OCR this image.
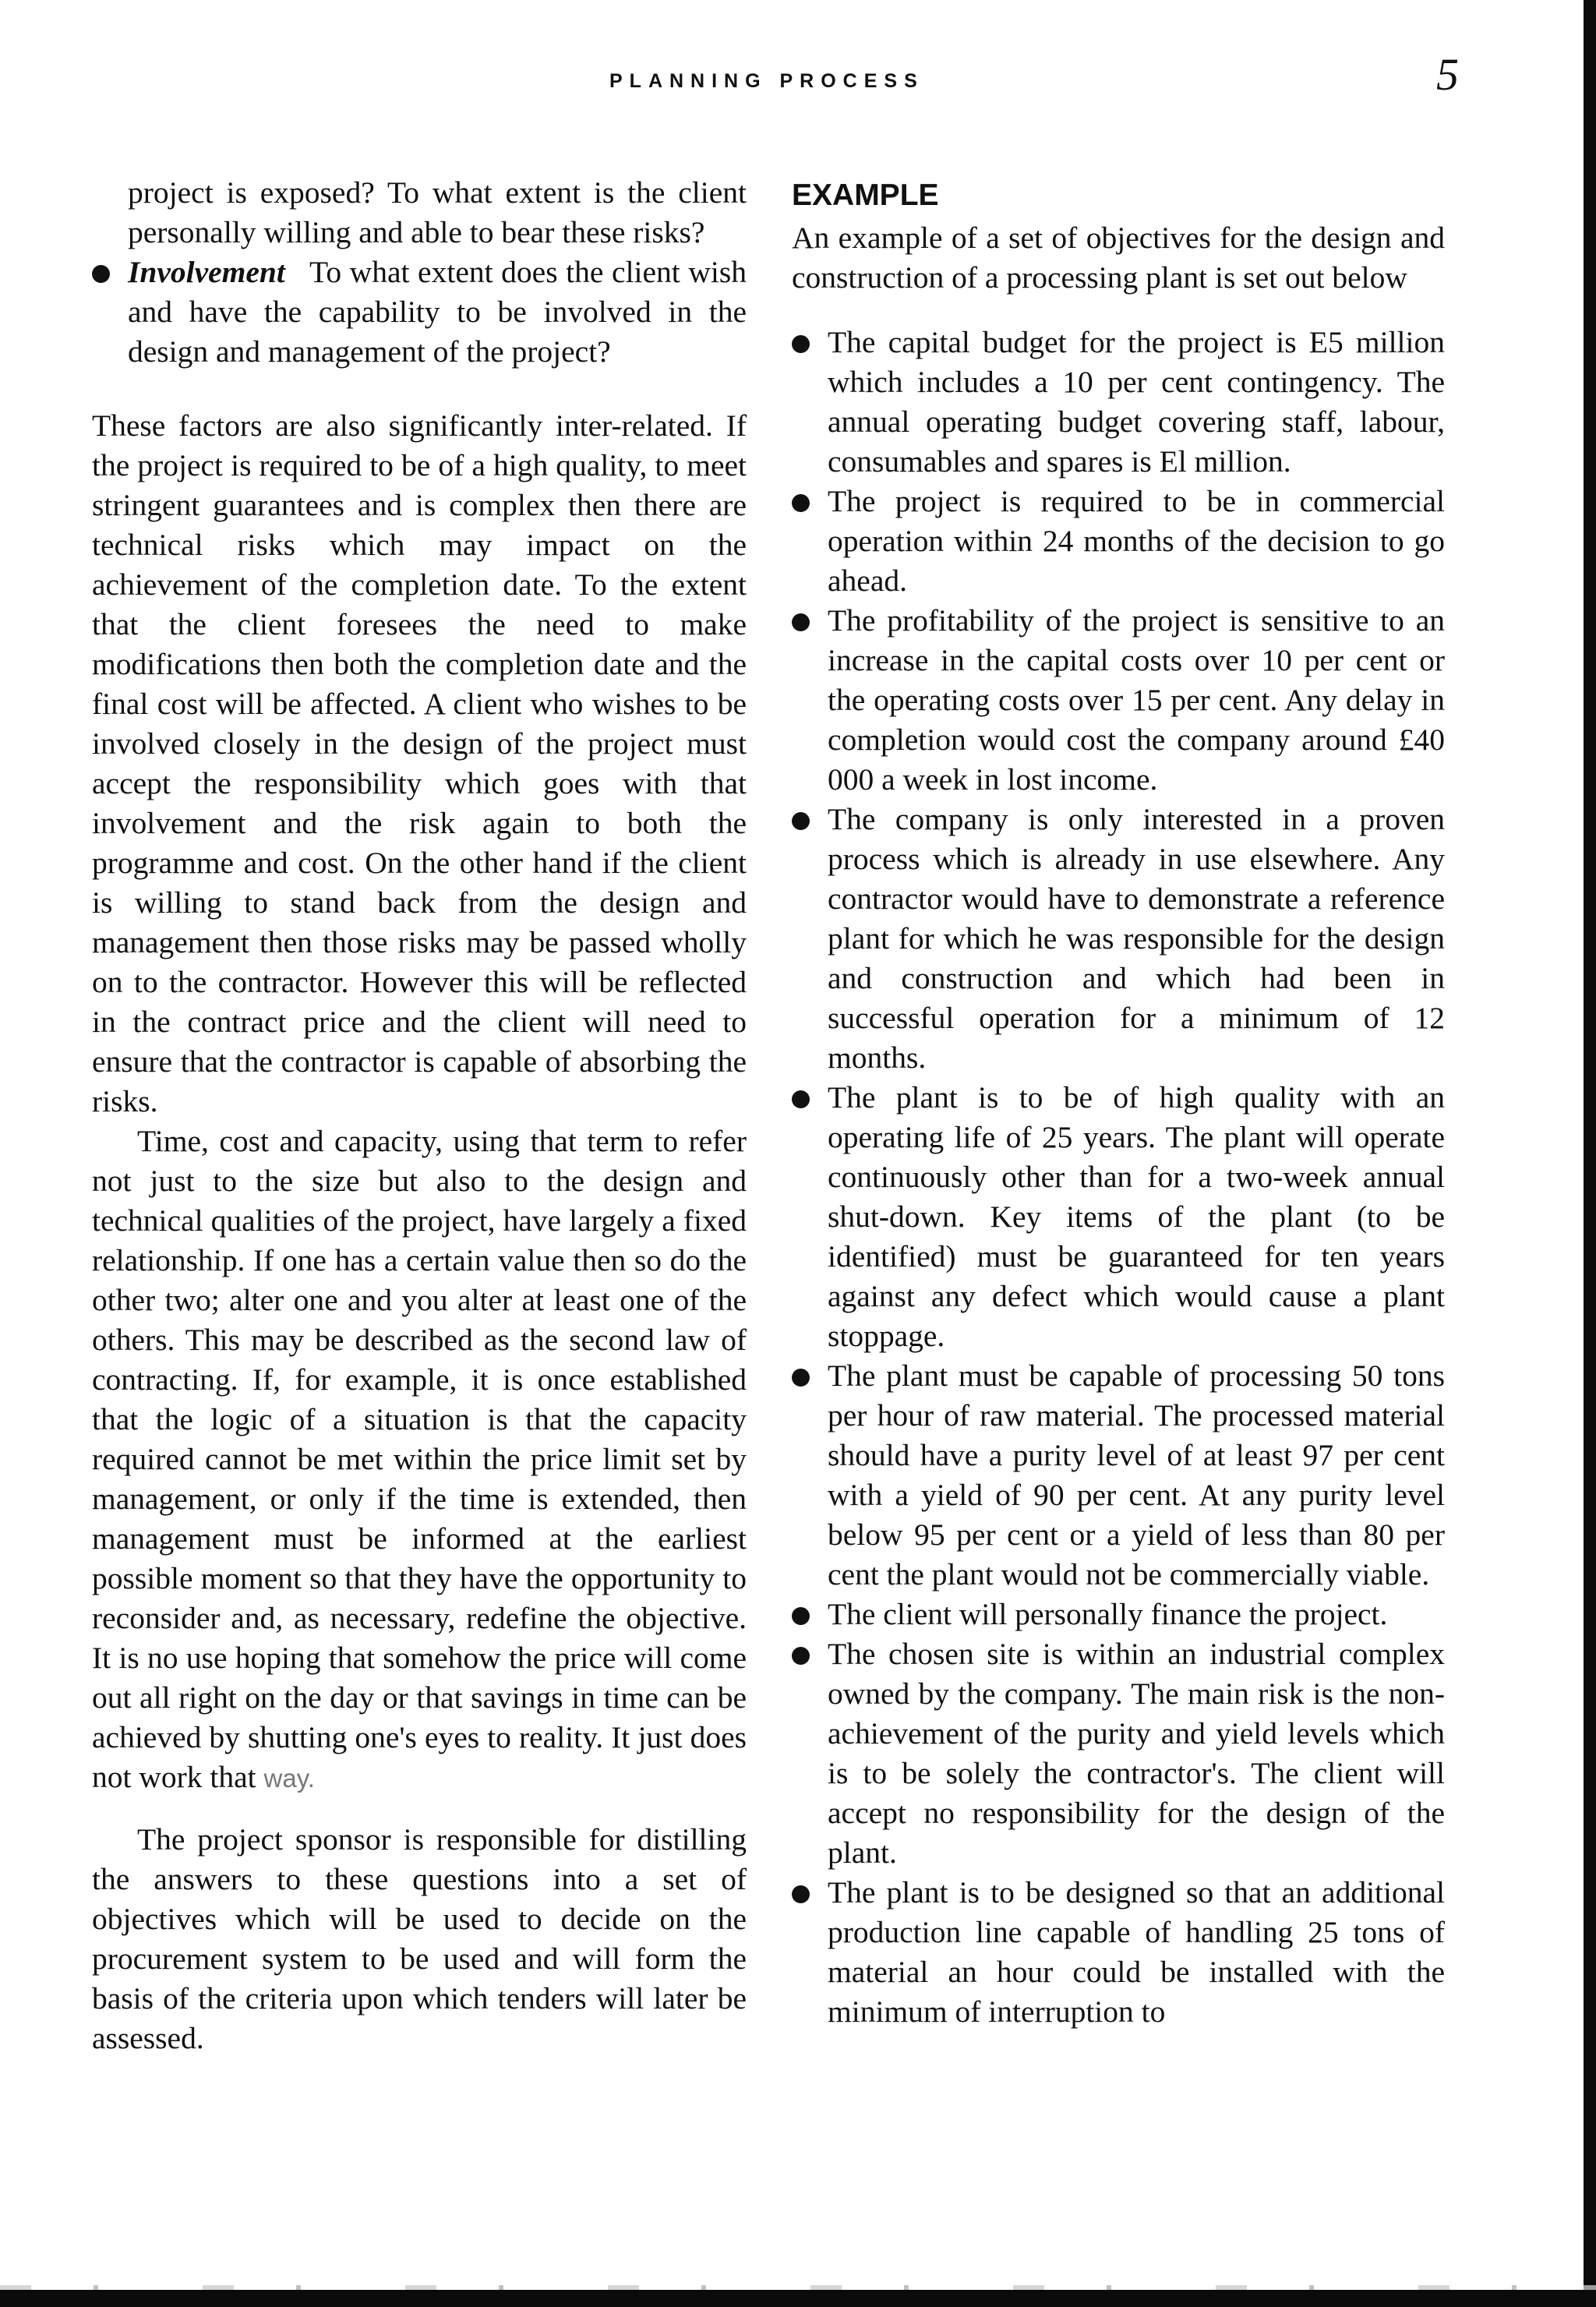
PLANNING PROCESS	5

project is exposed? To what extent is the client personally willing and able to bear these risks?

Involvement To what extent does the client wish and have the capability to be involved in the design and management of the project?

These factors are also significantly inter-related. If the project is required to be of a high quality, to meet stringent guarantees and is complex then there are technical risks which may impact on the achievement of the completion date. To the extent that the client foresees the need to make modifications then both the completion date and the final cost will be affected. A client who wishes to be involved closely in the design of the project must accept the responsibility which goes with that involvement and the risk again to both the programme and cost. On the other hand if the client is willing to stand back from the design and management then those risks may be passed wholly on to the contractor. However this will be reflected in the contract price and the client will need to ensure that the contractor is capable of absorbing the risks.

Time, cost and capacity, using that term to refer not just to the size but also to the design and technical qualities of the project, have largely a fixed relationship. If one has a certain value then so do the other two; alter one and you alter at least one of the others. This may be described as the second law of contracting. If, for example, it is once established that the logic of a situation is that the capacity required cannot be met within the price limit set by management, or only if the time is extended, then management must be informed at the earliest possible moment so that they have the opportunity to reconsider and, as necessary, redefine the objective. It is no use hoping that somehow the price will come out all right on the day or that savings in time can be achieved by shutting one's eyes to reality. It just does not work that way.

The project sponsor is responsible for distilling the answers to these questions into a set of objectives which will be used to decide on the procurement system to be used and will form the basis of the criteria upon which tenders will later be assessed.

EXAMPLE

An example of a set of objectives for the design and construction of a processing plant is set out below

The capital budget for the project is E5 million which includes a 10 per cent contingency. The annual operating budget covering staff, labour, consumables and spares is El million.
The project is required to be in commercial operation within 24 months of the decision to go ahead.
The profitability of the project is sensitive to an increase in the capital costs over 10 per cent or the operating costs over 15 per cent. Any delay in completion would cost the company around £40 000 a week in lost income.
The company is only interested in a proven process which is already in use elsewhere. Any contractor would have to demonstrate a reference plant for which he was responsible for the design and construction and which had been in successful operation for a minimum of 12 months.
The plant is to be of high quality with an operating life of 25 years. The plant will operate continuously other than for a two-week annual shut-down. Key items of the plant (to be identified) must be guaranteed for ten years against any defect which would cause a plant stoppage.
The plant must be capable of processing 50 tons per hour of raw material. The processed material should have a purity level of at least 97 per cent with a yield of 90 per cent. At any purity level below 95 per cent or a yield of less than 80 per cent the plant would not be commercially viable.
The client will personally finance the project.
The chosen site is within an industrial complex owned by the company. The main risk is the non-achievement of the purity and yield levels which is to be solely the contractor's. The client will accept no responsibility for the design of the plant.
The plant is to be designed so that an additional production line capable of handling 25 tons of material an hour could be installed with the minimum of interruption to
